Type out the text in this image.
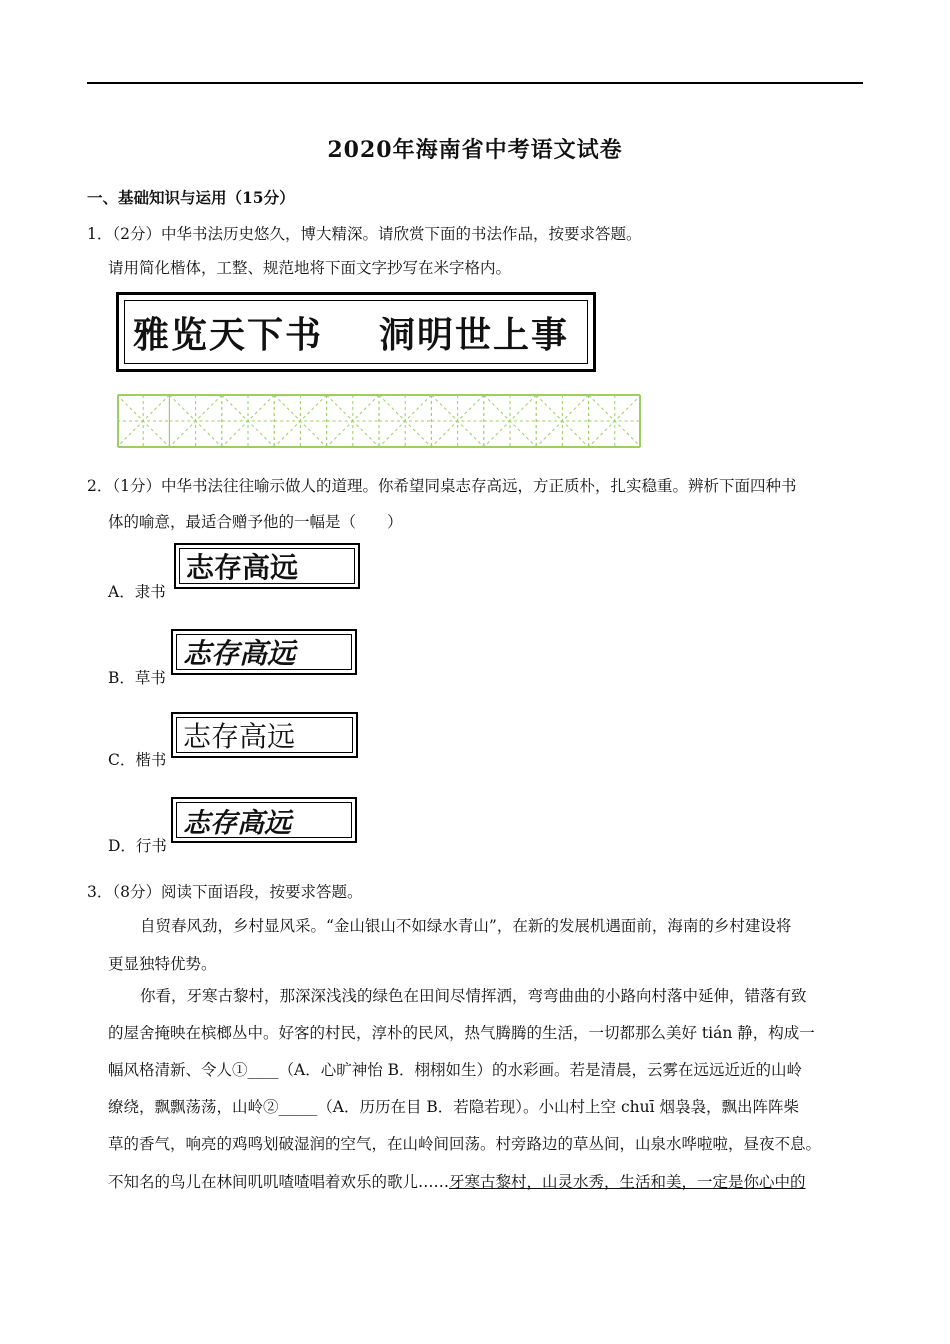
2020年海南省中考语文试卷
一、基础知识与运用（15分）
1．（2分）中华书法历史悠久，博大精深。请欣赏下面的书法作品，按要求答题。
请用简化楷体，工整、规范地将下面文字抄写在米字格内。
雅览天下书 洞明世上事
2．（1分）中华书法往往喻示做人的道理。你希望同桌志存高远，方正质朴，扎实稳重。辨析下面四种书
体的喻意，最适合赠予他的一幅是（　　）
A．隶书
志存高远
B．草书
志存高远
C．楷书
志存高远
D．行书
志存高远
3．（8分）阅读下面语段，按要求答题。
自贸春风劲，乡村显风采。“金山银山不如绿水青山”，在新的发展机遇面前，海南的乡村建设将
更显独特优势。
你看，牙寒古黎村，那深深浅浅的绿色在田间尽情挥洒，弯弯曲曲的小路向村落中延伸，错落有致
的屋舍掩映在槟榔丛中。好客的村民，淳朴的民风，热气腾腾的生活，一切都那么美好 tián 静，构成一
幅风格清新、令人①____（A．心旷神怡 B．栩栩如生）的水彩画。若是清晨，云雾在远远近近的山岭
缭绕，飘飘荡荡，山岭②_____（A．历历在目 B．若隐若现）。小山村上空 chuī 烟袅袅，飘出阵阵柴
草的香气，响亮的鸡鸣划破湿润的空气，在山岭间回荡。村旁路边的草丛间，山泉水哗啦啦，昼夜不息。
不知名的鸟儿在林间叽叽喳喳唱着欢乐的歌儿……牙寒古黎村，山灵水秀，生活和美，一定是你心中的
